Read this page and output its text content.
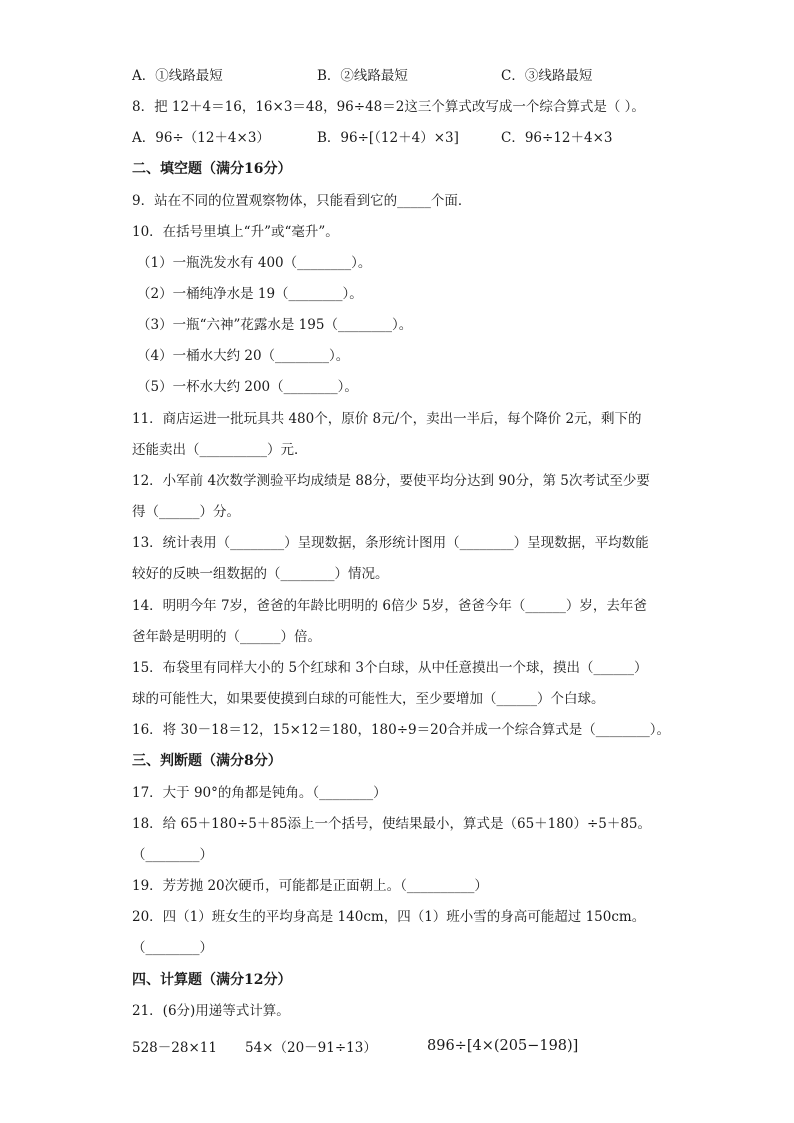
A．①线路最短	B．②线路最短	C．③线路最短
8．把 12＋4＝16，16×3＝48，96÷48＝2这三个算式改写成一个综合算式是（ ）。
A．96÷（12＋4×3）	B．96÷[（12＋4）×3]	C．96÷12＋4×3
二、填空题（满分16分）
9．站在不同的位置观察物体，只能看到它的_____个面．
10．在括号里填上“升”或“毫升”。
（1）一瓶洗发水有 400（________）。
（2）一桶纯净水是 19（________）。
（3）一瓶“六神”花露水是 195（________）。
（4）一桶水大约 20（________）。
（5）一杯水大约 200（________）。
11．商店运进一批玩具共 480个，原价 8元/个，卖出一半后，每个降价 2元，剩下的
还能卖出（__________）元．
12．小军前 4次数学测验平均成绩是 88分，要使平均分达到 90分，第 5次考试至少要
得（______）分。
13．统计表用（________）呈现数据，条形统计图用（________）呈现数据，平均数能
较好的反映一组数据的（________）情况。
14．明明今年 7岁，爸爸的年龄比明明的 6倍少 5岁，爸爸今年（______）岁，去年爸
爸年龄是明明的（______）倍。
15．布袋里有同样大小的 5个红球和 3个白球，从中任意摸出一个球，摸出（______）
球的可能性大，如果要使摸到白球的可能性大，至少要增加（______）个白球。
16．将 30－18＝12，15×12＝180，180÷9＝20合并成一个综合算式是（________）。
三、判断题（满分8分）
17．大于 90°的角都是钝角。（________）
18．给 65＋180÷5＋85添上一个括号，使结果最小，算式是（65＋180）÷5＋85。
（________）
19．芳芳抛 20次硬币，可能都是正面朝上。（__________）
20．四（1）班女生的平均身高是 140cm，四（1）班小雪的身高可能超过 150cm。
（________）
四、计算题（满分12分）
21．(6分)用递等式计算。
528－28×11 54×（20－91÷13）	896÷[4×(205−198)]
